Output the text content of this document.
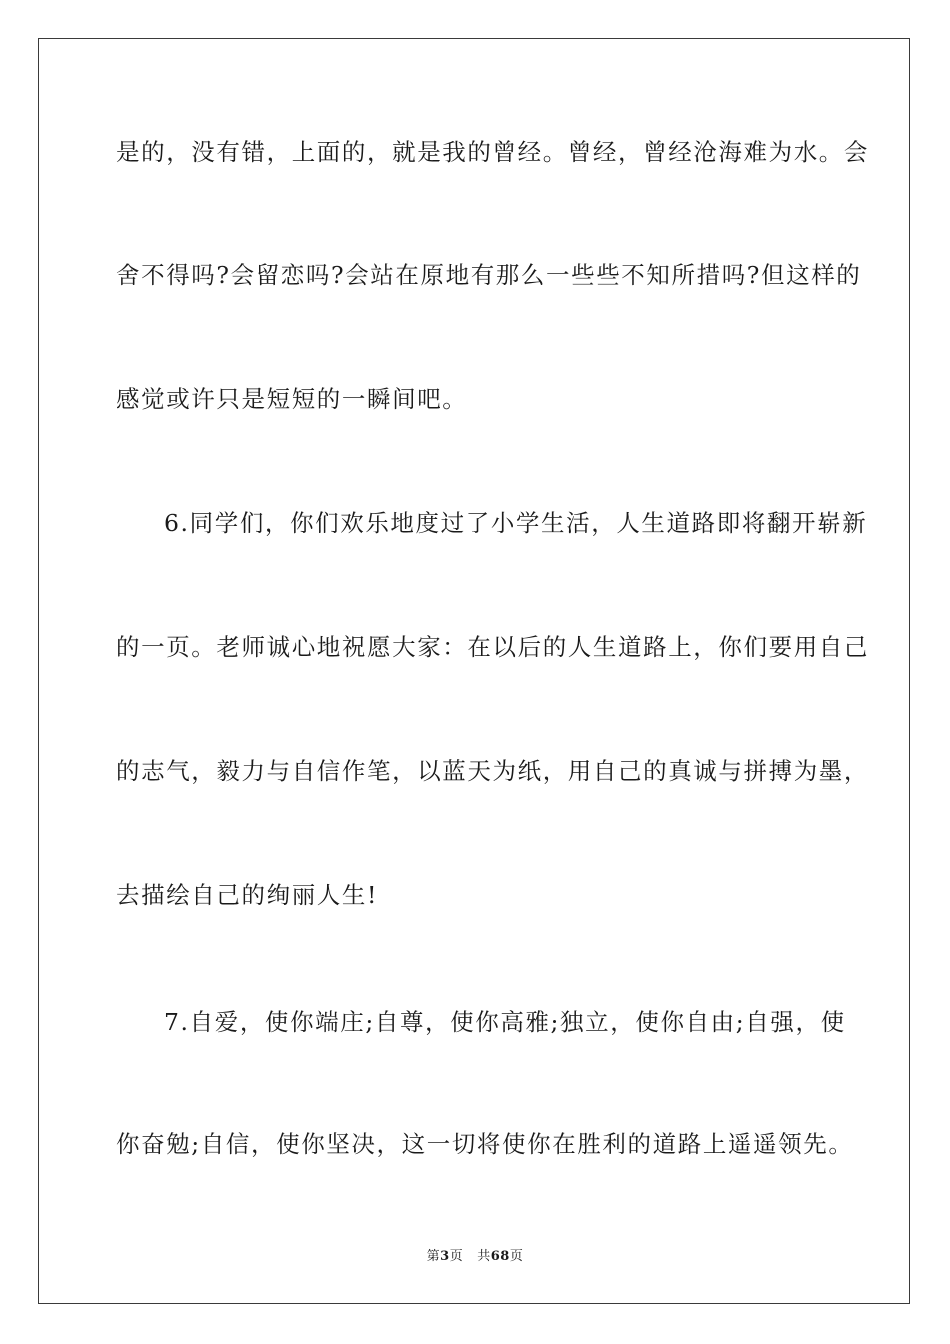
是的，没有错，上面的，就是我的曾经。曾经，曾经沧海难为水。会
舍不得吗?会留恋吗?会站在原地有那么一些些不知所措吗?但这样的
感觉或许只是短短的一瞬间吧。
6.同学们，你们欢乐地度过了小学生活，人生道路即将翻开崭新
的一页。老师诚心地祝愿大家：在以后的人生道路上，你们要用自己
的志气，毅力与自信作笔，以蓝天为纸，用自己的真诚与拼搏为墨，
去描绘自己的绚丽人生!
7.自爱，使你端庄;自尊，使你高雅;独立，使你自由;自强，使
你奋勉;自信，使你坚决，这一切将使你在胜利的道路上遥遥领先。
第3页 共68页
